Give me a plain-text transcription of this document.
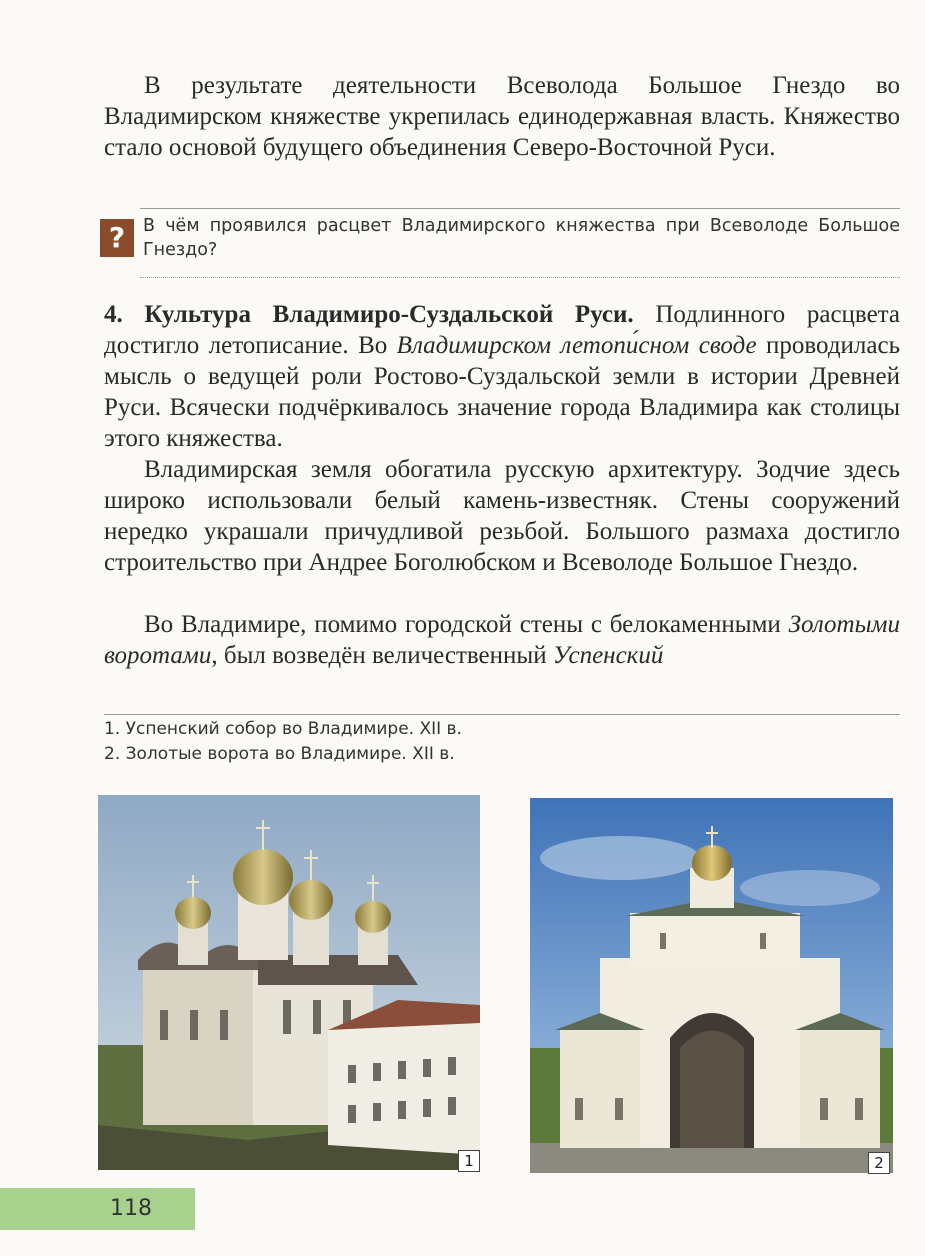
В результате деятельности Всеволода Большое Гнездо во Владимирском княжестве укрепилась единодержавная власть. Княжество стало основой будущего объединения Северо-Восточной Руси.

?	В чём проявился расцвет Владимирского княжества при Всеволоде Большое Гнездо?

4. Культура Владимиро-Суздальской Руси. Подлинного расцвета достигло летописание. Во Владимирском летопи́сном своде проводилась мысль о ведущей роли Ростово-Суздальской земли в истории Древней Руси. Всячески подчёркивалось значение города Владимира как столицы этого княжества.

Владимирская земля обогатила русскую архитектуру. Зодчие здесь широко использовали белый камень-известняк. Стены сооружений нередко украшали причудливой резьбой. Большого размаха достигло строительство при Андрее Боголюбском и Всеволоде Большое Гнездо.

Во Владимире, помимо городской стены с белокаменными Золотыми воротами, был возведён величественный Успенский

1. Успенский собор во Владимире. XII в.
2. Золотые ворота во Владимире. XII в.
1	2
118
